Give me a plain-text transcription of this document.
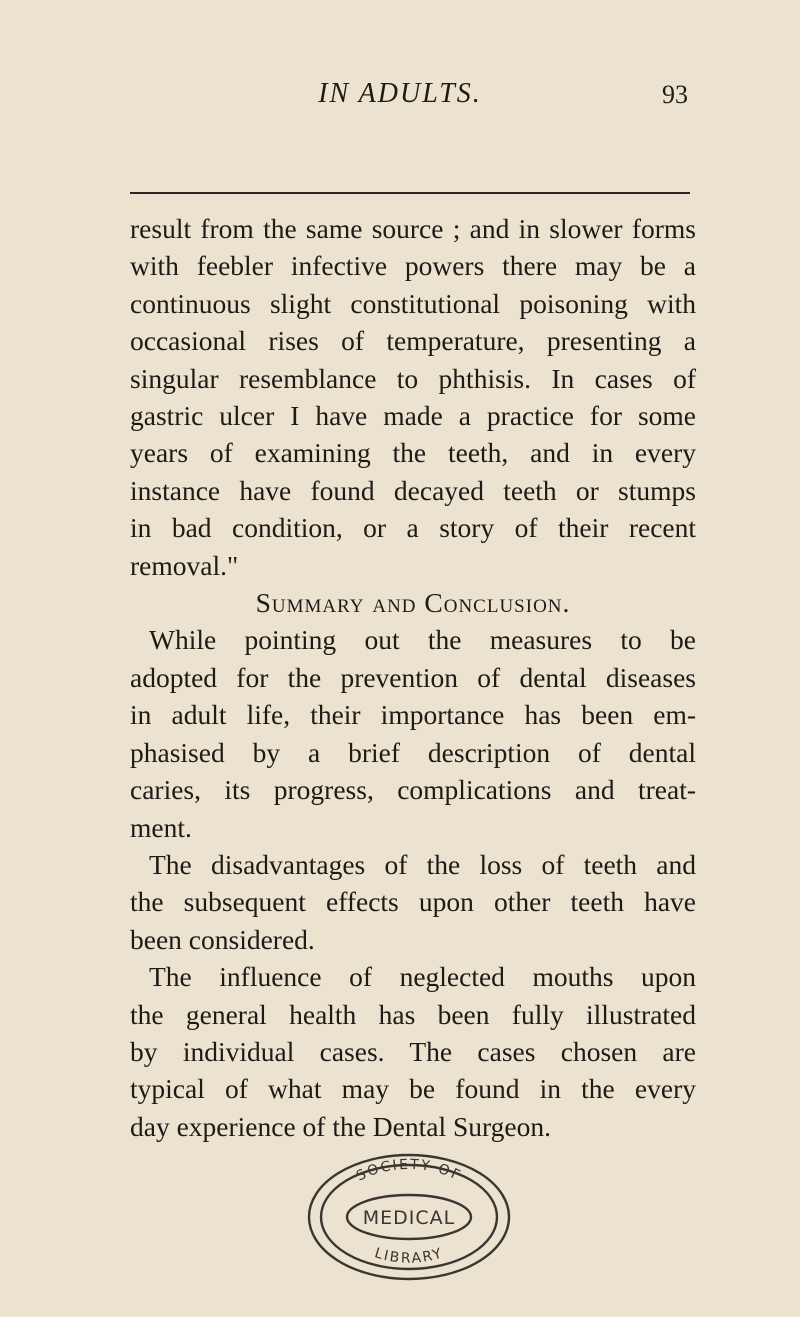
IN ADULTS.	93
result from the same source ; and in slower forms
with feebler infective powers there may be a
continuous slight constitutional poisoning with
occasional rises of temperature, presenting a
singular resemblance to phthisis. In cases of
gastric ulcer I have made a practice for some
years of examining the teeth, and in every
instance have found decayed teeth or stumps
in bad condition, or a story of their recent
removal."
Summary and Conclusion.
While pointing out the measures to be
adopted for the prevention of dental diseases
in adult life, their importance has been em-
phasised by a brief description of dental
caries, its progress, complications and treat-
ment.
The disadvantages of the loss of teeth and
the subsequent effects upon other teeth have
been considered.
The influence of neglected mouths upon
the general health has been fully illustrated
by individual cases. The cases chosen are
typical of what may be found in the every
day experience of the Dental Surgeon.
SOCIETY OF
MEDICAL
LIBRARY
